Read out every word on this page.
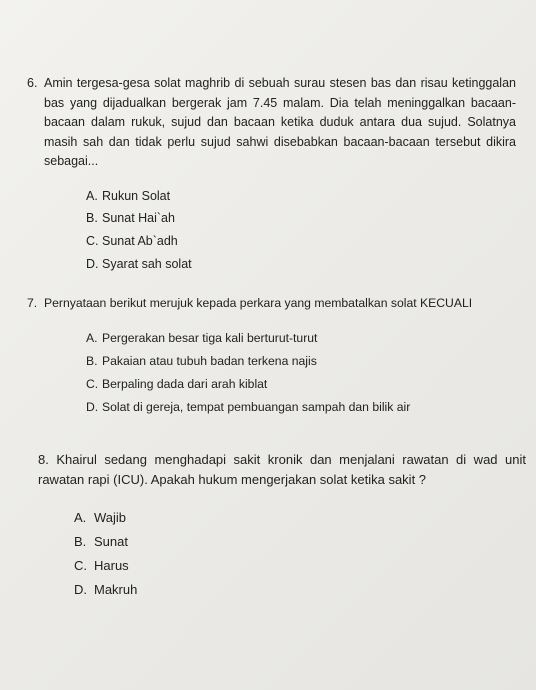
6. Amin tergesa-gesa solat maghrib di sebuah surau stesen bas dan risau ketinggalan bas yang dijadualkan bergerak jam 7.45 malam. Dia telah meninggalkan bacaan-bacaan dalam rukuk, sujud dan bacaan ketika duduk antara dua sujud. Solatnya masih sah dan tidak perlu sujud sahwi disebabkan bacaan-bacaan tersebut dikira sebagai...
A. Rukun Solat
B. Sunat Hai`ah
C. Sunat Ab`adh
D. Syarat sah solat
7. Pernyataan berikut merujuk kepada perkara yang membatalkan solat KECUALI
A. Pergerakan besar tiga kali berturut-turut
B. Pakaian atau tubuh badan terkena najis
C. Berpaling dada dari arah kiblat
D. Solat di gereja, tempat pembuangan sampah dan bilik air
8. Khairul sedang menghadapi sakit kronik dan menjalani rawatan di wad unit rawatan rapi (ICU). Apakah hukum mengerjakan solat ketika sakit ?
A. Wajib
B. Sunat
C. Harus
D. Makruh
